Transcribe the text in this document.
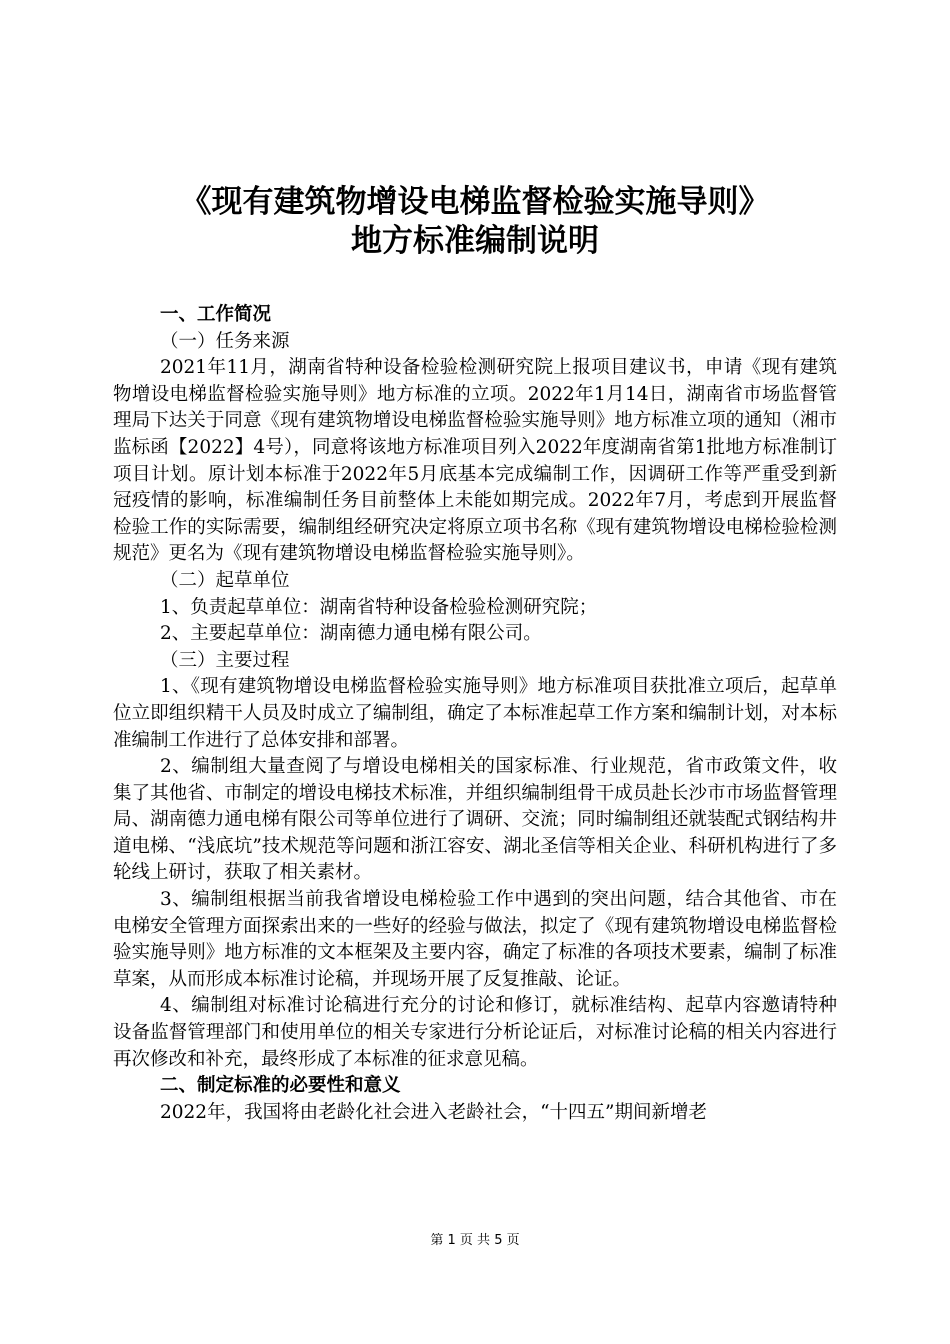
《现有建筑物增设电梯监督检验实施导则》
地方标准编制说明

一、工作简况

（一）任务来源

2021年11月，湖南省特种设备检验检测研究院上报项目建议书，申请《现有建筑物增设电梯监督检验实施导则》地方标准的立项。2022年1月14日，湖南省市场监督管理局下达关于同意《现有建筑物增设电梯监督检验实施导则》地方标准立项的通知（湘市监标函【2022】4号），同意将该地方标准项目列入2022年度湖南省第1批地方标准制订项目计划。原计划本标准于2022年5月底基本完成编制工作，因调研工作等严重受到新冠疫情的影响，标准编制任务目前整体上未能如期完成。2022年7月，考虑到开展监督检验工作的实际需要，编制组经研究决定将原立项书名称《现有建筑物增设电梯检验检测规范》更名为《现有建筑物增设电梯监督检验实施导则》。

（二）起草单位

1、负责起草单位：湖南省特种设备检验检测研究院；

2、主要起草单位：湖南德力通电梯有限公司。

（三）主要过程

1、《现有建筑物增设电梯监督检验实施导则》地方标准项目获批准立项后，起草单位立即组织精干人员及时成立了编制组，确定了本标准起草工作方案和编制计划，对本标准编制工作进行了总体安排和部署。

2、编制组大量查阅了与增设电梯相关的国家标准、行业规范，省市政策文件，收集了其他省、市制定的增设电梯技术标准，并组织编制组骨干成员赴长沙市市场监督管理局、湖南德力通电梯有限公司等单位进行了调研、交流；同时编制组还就装配式钢结构井道电梯、“浅底坑”技术规范等问题和浙江容安、湖北圣信等相关企业、科研机构进行了多轮线上研讨，获取了相关素材。

3、编制组根据当前我省增设电梯检验工作中遇到的突出问题，结合其他省、市在电梯安全管理方面探索出来的一些好的经验与做法，拟定了《现有建筑物增设电梯监督检验实施导则》地方标准的文本框架及主要内容，确定了标准的各项技术要素，编制了标准草案，从而形成本标准讨论稿，并现场开展了反复推敲、论证。

4、编制组对标准讨论稿进行充分的讨论和修订，就标准结构、起草内容邀请特种设备监督管理部门和使用单位的相关专家进行分析论证后，对标准讨论稿的相关内容进行再次修改和补充，最终形成了本标准的征求意见稿。

二、制定标准的必要性和意义

2022年，我国将由老龄化社会进入老龄社会，“十四五”期间新增老

第 1 页 共 5 页
